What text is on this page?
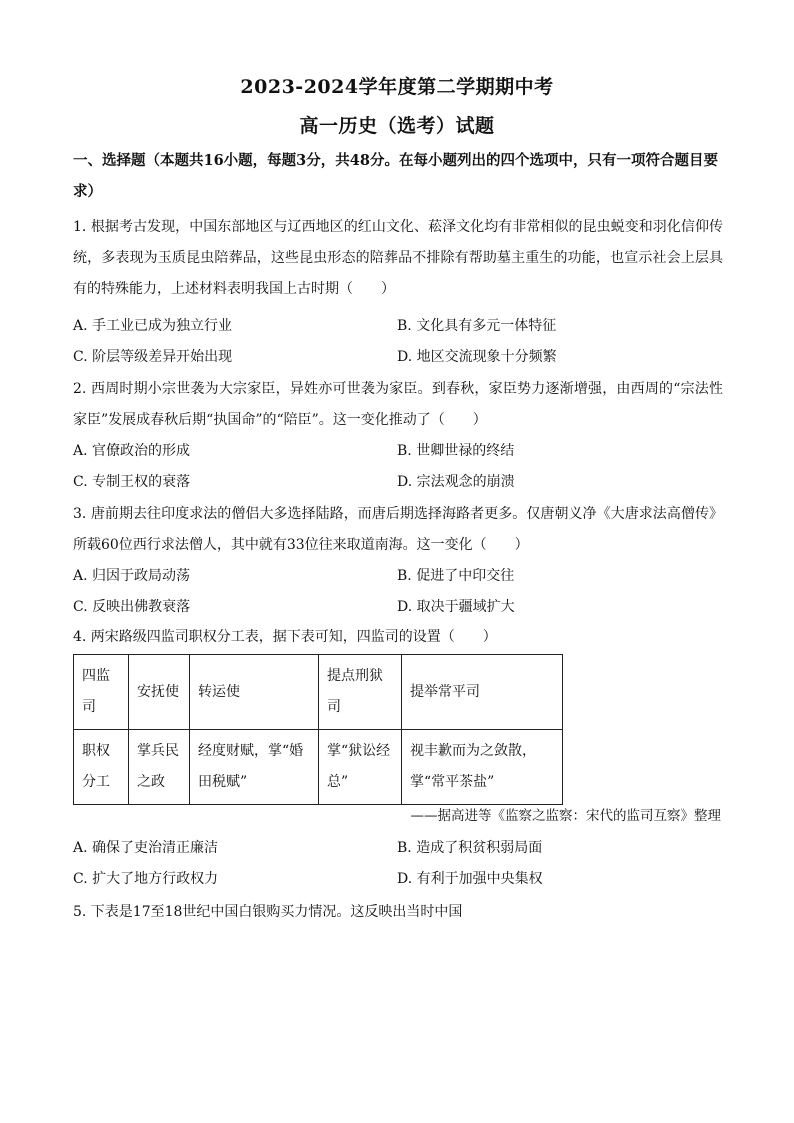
2023-2024学年度第二学期期中考
高一历史（选考）试题
一、选择题（本题共16小题，每题3分，共48分。在每小题列出的四个选项中，只有一项符合题目要求）
1. 根据考古发现，中国东部地区与辽西地区的红山文化、菘泽文化均有非常相似的昆虫蜕变和羽化信仰传统，多表现为玉质昆虫陪葬品，这些昆虫形态的陪葬品不排除有帮助墓主重生的功能，也宣示社会上层具有的特殊能力，上述材料表明我国上古时期（　　）
A. 手工业已成为独立行业	B. 文化具有多元一体特征
C. 阶层等级差异开始出现	D. 地区交流现象十分频繁
2. 西周时期小宗世袭为大宗家臣，异姓亦可世袭为家臣。到春秋，家臣势力逐渐增强，由西周的“宗法性家臣”发展成春秋后期“执国命”的“陪臣”。这一变化推动了（　　）
A. 官僚政治的形成	B. 世卿世禄的终结
C. 专制王权的衰落	D. 宗法观念的崩溃
3. 唐前期去往印度求法的僧侣大多选择陆路，而唐后期选择海路者更多。仅唐朝义净《大唐求法高僧传》所载60位西行求法僧人，其中就有33位往来取道南海。这一变化（　　）
A. 归因于政局动荡	B. 促进了中印交往
C. 反映出佛教衰落	D. 取决于疆域扩大
4. 两宋路级四监司职权分工表，据下表可知，四监司的设置（　　）
四监司	安抚使	转运使	提点刑狱司	提举常平司
职权分工	掌兵民之政	经度财赋，掌“婚田税赋”	掌“狱讼经总”	视丰歉而为之敛散，掌“常平茶盐”
——据高进等《监察之监察：宋代的监司互察》整理
A. 确保了吏治清正廉洁	B. 造成了积贫积弱局面
C. 扩大了地方行政权力	D. 有利于加强中央集权
5. 下表是17至18世纪中国白银购买力情况。这反映出当时中国
